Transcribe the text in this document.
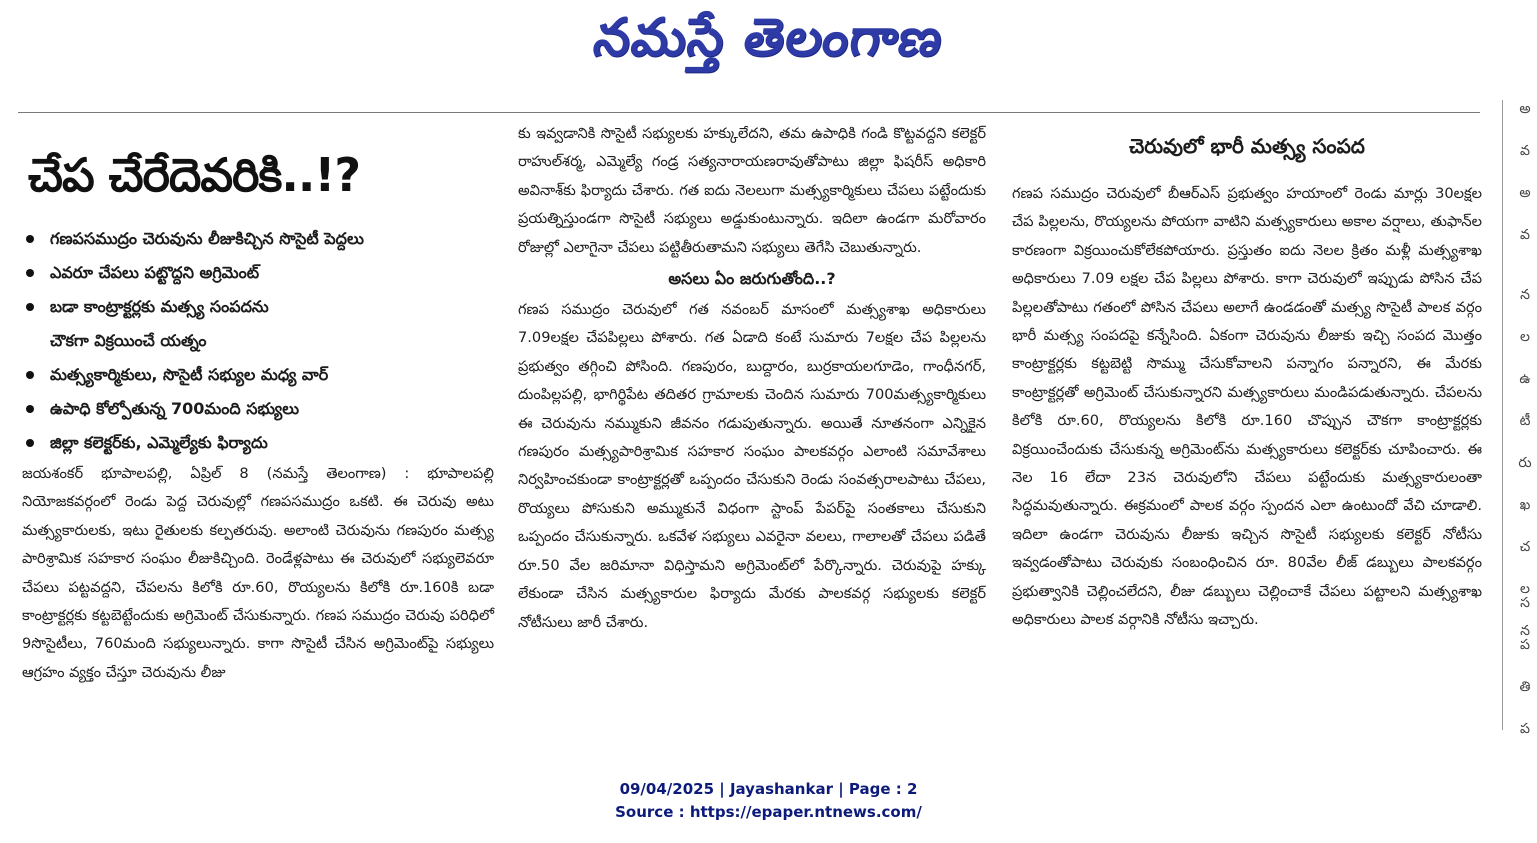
నమస్తే తెలంగాణ
చేప చేరేదెవరికి..!?
గణపసముద్రం చెరువును లీజుకిచ్చిన సొసైటీ పెద్దలు
ఎవరూ చేపలు పట్టొద్దని అగ్రిమెంట్
బడా కాంట్రాక్టర్లకు మత్స్య సంపదను
చౌకగా విక్రయించే యత్నం
మత్స్యకార్మికులు, సొసైటీ సభ్యుల మధ్య వార్
ఉపాధి కోల్పోతున్న 700మంది సభ్యులు
జిల్లా కలెక్టర్‌కు, ఎమ్మెల్యేకు ఫిర్యాదు

జయశంకర్ భూపాలపల్లి, ఏప్రిల్ 8 (నమస్తే తెలంగాణ) : భూపాలపల్లి నియోజకవర్గంలో రెండు పెద్ద చెరువుల్లో గణపసముద్రం ఒకటి. ఈ చెరువు అటు మత్స్యకారులకు, ఇటు రైతులకు కల్పతరువు. అలాంటి చెరువును గణపురం మత్స్య పారిశ్రామిక సహకార సంఘం లీజుకిచ్చింది. రెండేళ్లపాటు ఈ చెరువులో సభ్యులెవరూ చేపలు పట్టవద్దని, చేపలను కిలోకి రూ.60, రొయ్యలను కిలోకి రూ.160కి బడా కాంట్రాక్టర్లకు కట్టబెట్టేందుకు అగ్రిమెంట్ చేసుకున్నారు. గణప సముద్రం చెరువు పరిధిలో 9సొసైటీలు, 760మంది సభ్యులున్నారు. కాగా సొసైటీ చేసిన అగ్రిమెంట్‌పై సభ్యులు ఆగ్రహం వ్యక్తం చేస్తూ చెరువును లీజు

కు ఇవ్వడానికి సొసైటీ సభ్యులకు హక్కులేదని, తమ ఉపాధికి గండి కొట్టవద్దని కలెక్టర్ రాహుల్‌శర్మ, ఎమ్మెల్యే గండ్ర సత్యనారాయణరావుతోపాటు జిల్లా ఫిషరీస్ అధికారి అవినాశ్‌కు ఫిర్యాదు చేశారు. గత ఐదు నెలలుగా మత్స్యకార్మికులు చేపలు పట్టేందుకు ప్రయత్నిస్తుండగా సొసైటీ సభ్యులు అడ్డుకుంటున్నారు. ఇదిలా ఉండగా మరోవారం రోజుల్లో ఎలాగైనా చేపలు పట్టితీరుతామని సభ్యులు తెగేసి చెబుతున్నారు.

అసలు ఏం జరుగుతోంది..?

గణప సముద్రం చెరువులో గత నవంబర్ మాసంలో మత్స్యశాఖ అధికారులు 7.09లక్షల చేపపిల్లలు పోశారు. గత ఏడాది కంటే సుమారు 7లక్షల చేప పిల్లలను ప్రభుత్వం తగ్గించి పోసింది. గణపురం, బుద్దారం, బుర్రకాయలగూడెం, గాంధీనగర్, దుంపిల్లపల్లి, భాగిర్థిపేట తదితర గ్రామాలకు చెందిన సుమారు 700మత్స్యకార్మికులు ఈ చెరువును నమ్ముకుని జీవనం గడుపుతున్నారు. అయితే నూతనంగా ఎన్నికైన గణపురం మత్స్యపారిశ్రామిక సహకార సంఘం పాలకవర్గం ఎలాంటి సమావేశాలు నిర్వహించకుండా కాంట్రాక్టర్లతో ఒప్పందం చేసుకుని రెండు సంవత్సరాలపాటు చేపలు, రొయ్యలు పోసుకుని అమ్ముకునే విధంగా స్టాంప్ పేపర్‌పై సంతకాలు చేసుకుని ఒప్పందం చేసుకున్నారు. ఒకవేళ సభ్యులు ఎవరైనా వలలు, గాలాలతో చేపలు పడితే రూ.50 వేల జరిమానా విధిస్తామని అగ్రిమెంట్‌లో పేర్కొన్నారు. చెరువుపై హక్కు లేకుండా చేసిన మత్స్యకారుల ఫిర్యాదు మేరకు పాలకవర్గ సభ్యులకు కలెక్టర్ నోటీసులు జారీ చేశారు.

చెరువులో భారీ మత్స్య సంపద

గణప సముద్రం చెరువులో బీఆర్‌ఎస్ ప్రభుత్వం హయాంలో రెండు మార్లు 30లక్షల చేప పిల్లలను, రొయ్యలను పోయగా వాటిని మత్స్యకారులు అకాల వర్షాలు, తుఫాన్‌ల కారణంగా విక్రయించుకోలేకపోయారు. ప్రస్తుతం ఐదు నెలల క్రితం మళ్లీ మత్స్యశాఖ అధికారులు 7.09 లక్షల చేప పిల్లలు పోశారు. కాగా చెరువులో ఇప్పుడు పోసిన చేప పిల్లలతోపాటు గతంలో పోసిన చేపలు అలాగే ఉండడంతో మత్స్య సొసైటీ పాలక వర్గం భారీ మత్స్య సంపదపై కన్నేసింది. ఏకంగా చెరువును లీజుకు ఇచ్చి సంపద మొత్తం కాంట్రాక్టర్లకు కట్టబెట్టి సొమ్ము చేసుకోవాలని పన్నాగం పన్నారని, ఈ మేరకు కాంట్రాక్టర్లతో అగ్రిమెంట్ చేసుకున్నారని మత్స్యకారులు మండిపడుతున్నారు. చేపలను కిలోకి రూ.60, రొయ్యలను కిలోకి రూ.160 చొప్పున చౌకగా కాంట్రాక్టర్లకు విక్రయించేందుకు చేసుకున్న అగ్రిమెంట్‌ను మత్స్యకారులు కలెక్టర్‌కు చూపించారు. ఈ నెల 16 లేదా 23న చెరువులోని చేపలు పట్టేందుకు మత్స్యకారులంతా సిద్ధమవుతున్నారు. ఈక్రమంలో పాలక వర్గం స్పందన ఎలా ఉంటుందో వేచి చూడాలి. ఇదిలా ఉండగా చెరువును లీజుకు ఇచ్చిన సొసైటీ సభ్యులకు కలెక్టర్ నోటీసు ఇవ్వడంతోపాటు చెరువుకు సంబంధించిన రూ. 80వేల లీజ్ డబ్బులు పాలకవర్గం ప్రభుత్వానికి చెల్లించలేదని, లీజు డబ్బులు చెల్లించాకే చేపలు పట్టాలని మత్స్యశాఖ అధికారులు పాలక వర్గానికి నోటీసు ఇచ్చారు.

అ
వ
అ
వ
న
ల
ఉ
టీ
రు
ఖ
చ
ల
న
స
ప
తి
ప
09/04/2025 | Jayashankar | Page : 2
Source : https://epaper.ntnews.com/
